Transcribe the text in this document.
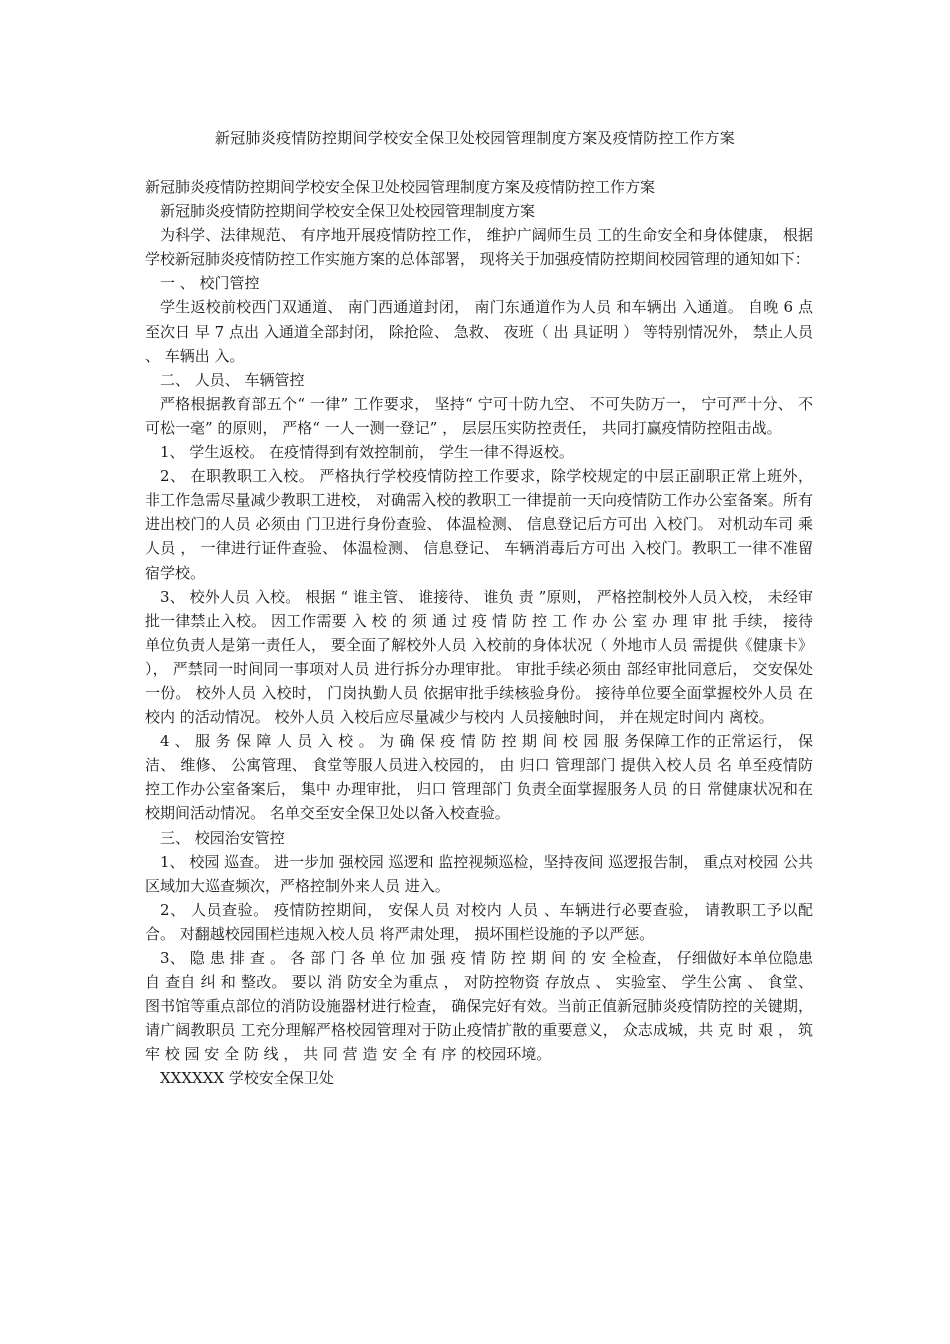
新冠肺炎疫情防控期间学校安全保卫处校园管理制度方案及疫情防控工作方案

新冠肺炎疫情防控期间学校安全保卫处校园管理制度方案及疫情防控工作方案

新冠肺炎疫情防控期间学校安全保卫处校园管理制度方案

为科学、法律规范、 有序地开展疫情防控工作， 维护广阔师生员 工的生命安全和身体健康， 根据学校新冠肺炎疫情防控工作实施方案的总体部署， 现将关于加强疫情防控期间校园管理的通知如下：

一 、 校门管控

学生返校前校西门双通道、 南门西通道封闭， 南门东通道作为人员 和车辆出 入通道。 自晚 6 点至次日 早 7 点出 入通道全部封闭， 除抢险、 急救、 夜班（ 出 具证明 ） 等特别情况外， 禁止人员 、 车辆出 入。

二、 人员、 车辆管控

严格根据教育部五个“ 一律” 工作要求， 坚持“ 宁可十防九空、 不可失防万一， 宁可严十分、 不可松一毫” 的原则， 严格“ 一人一测一登记” ， 层层压实防控责任， 共同打赢疫情防控阻击战。

1、 学生返校。 在疫情得到有效控制前， 学生一律不得返校。

2、 在职教职工入校。 严格执行学校疫情防控工作要求，除学校规定的中层正副职正常上班外， 非工作急需尽量减少教职工进校， 对确需入校的教职工一律提前一天向疫情防工作办公室备案。所有进出校门的人员 必须由 门卫进行身份查验、 体温检测、 信息登记后方可出 入校门。 对机动车司 乘人员 ， 一律进行证件查验、 体温检测、 信息登记、 车辆消毒后方可出 入校门。教职工一律不准留宿学校。

3、 校外人员 入校。 根据 “ 谁主管、 谁接待、 谁负 责 ”原则， 严格控制校外人员入校， 未经审批一律禁止入校。 因工作需要 入 校 的 须 通 过 疫 情 防 控 工 作 办 公 室 办 理 审 批 手续， 接待单位负责人是第一责任人， 要全面了解校外人员 入校前的身体状况（ 外地市人员 需提供《健康卡》 ）， 严禁同一时间同一事项对人员 进行拆分办理审批。 审批手续必须由 部经审批同意后， 交安保处一份。 校外人员 入校时， 门岗执勤人员 依据审批手续核验身份。 接待单位要全面掌握校外人员 在校内 的活动情况。 校外人员 入校后应尽量减少与校内 人员接触时间， 并在规定时间内 离校。

4 、 服 务 保 障 人 员 入 校 。 为 确 保 疫 情 防 控 期 间 校 园 服 务保障工作的正常运行， 保洁、 维修、 公寓管理、 食堂等服人员进入校园的， 由 归口 管理部门 提供入校人员 名 单至疫情防控工作办公室备案后， 集中 办理审批， 归口 管理部门 负责全面掌握服务人员 的日 常健康状况和在校期间活动情况。 名单交至安全保卫处以备入校查验。

三、 校园治安管控

1、 校园 巡查。 进一步加 强校园 巡逻和 监控视频巡检，坚持夜间 巡逻报告制， 重点对校园 公共区域加大巡查频次，严格控制外来人员 进入。

2、 人员查验。 疫情防控期间， 安保人员 对校内 人员 、车辆进行必要查验， 请教职工予以配合。 对翻越校园围栏违规入校人员 将严肃处理， 损坏围栏设施的予以严惩。

3、 隐 患 排 查 。 各 部 门 各 单 位 加 强 疫 情 防 控 期 间 的 安 全检查， 仔细做好本单位隐患 自 查自 纠 和 整改。 要以 消 防安全为重点 ， 对防控物资 存放点 、 实验室、 学生公寓 、 食堂、 图书馆等重点部位的消防设施器材进行检查， 确保完好有效。当前正值新冠肺炎疫情防控的关键期， 请广阔教职员 工充分理解严格校园管理对于防止疫情扩散的重要意义， 众志成城，共 克 时 艰 ， 筑 牢 校 园 安 全 防 线 ， 共 同 营 造 安 全 有 序 的校园环境。

XXXXXX 学校安全保卫处
